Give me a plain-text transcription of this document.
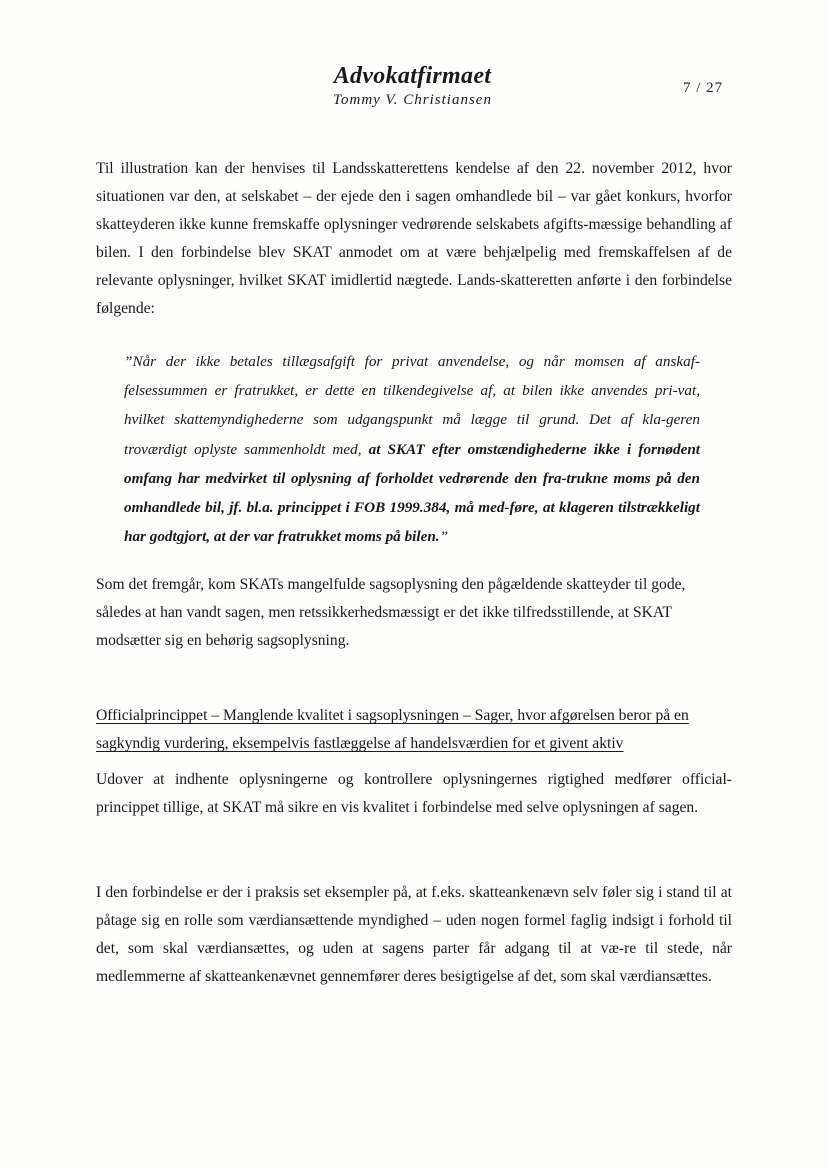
Advokatfirmaet
Tommy V. Christiansen
7 / 27
Til illustration kan der henvises til Landsskatterettens kendelse af den 22. november 2012, hvor situationen var den, at selskabet – der ejede den i sagen omhandlede bil – var gået konkurs, hvorfor skatteyderen ikke kunne fremskaffe oplysninger vedrørende selskabets afgifts-mæssige behandling af bilen. I den forbindelse blev SKAT anmodet om at være behjælpelig med fremskaffelsen af de relevante oplysninger, hvilket SKAT imidlertid nægtede. Lands-skatteretten anførte i den forbindelse følgende:
”Når der ikke betales tillægsafgift for privat anvendelse, og når momsen af anskaf-felsessummen er fratrukket, er dette en tilkendegivelse af, at bilen ikke anvendes pri-vat, hvilket skattemyndighederne som udgangspunkt må lægge til grund. Det af kla-geren troværdigt oplyste sammenholdt med, at SKAT efter omstændighederne ikke i fornødent omfang har medvirket til oplysning af forholdet vedrørende den fra-trukne moms på den omhandlede bil, jf. bl.a. princippet i FOB 1999.384, må med-føre, at klageren tilstrækkeligt har godtgjort, at der var fratrukket moms på bilen.”
Som det fremgår, kom SKATs mangelfulde sagsoplysning den pågældende skatteyder til gode, således at han vandt sagen, men retssikkerhedsmæssigt er det ikke tilfredsstillende, at SKAT modsætter sig en behørig sagsoplysning.
Officialprincippet – Manglende kvalitet i sagsoplysningen – Sager, hvor afgørelsen beror på en sagkyndig vurdering, eksempelvis fastlæggelse af handelsværdien for et givent aktiv
Udover at indhente oplysningerne og kontrollere oplysningernes rigtighed medfører official-princippet tillige, at SKAT må sikre en vis kvalitet i forbindelse med selve oplysningen af sagen.
I den forbindelse er der i praksis set eksempler på, at f.eks. skatteankenævn selv føler sig i stand til at påtage sig en rolle som værdiansættende myndighed – uden nogen formel faglig indsigt i forhold til det, som skal værdiansættes, og uden at sagens parter får adgang til at væ-re til stede, når medlemmerne af skatteankenævnet gennemfører deres besigtigelse af det, som skal værdiansættes.
